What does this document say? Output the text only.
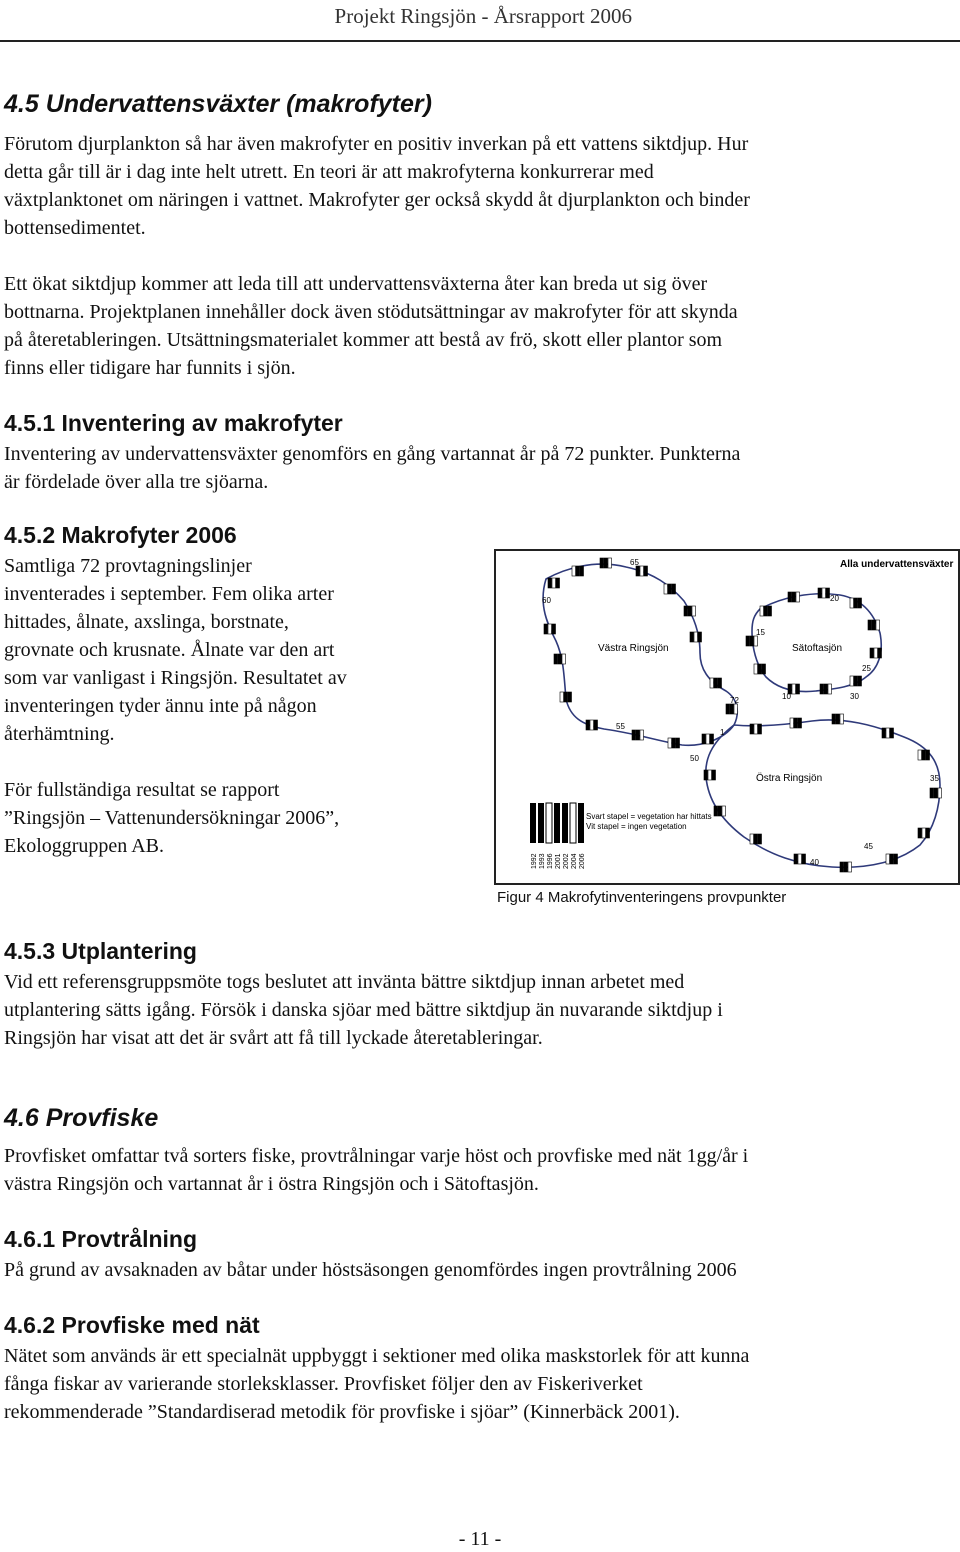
Projekt Ringsjön - Årsrapport 2006
4.5 Undervattensväxter (makrofyter)
Förutom djurplankton så har även makrofyter en positiv inverkan på ett vattens siktdjup. Hur
detta går till är i dag inte helt utrett. En teori är att makrofyterna konkurrerar med
växtplanktonet om näringen i vattnet. Makrofyter ger också skydd åt djurplankton och binder
bottensedimentet.
Ett ökat siktdjup kommer att leda till att undervattensväxterna åter kan breda ut sig över
bottnarna. Projektplanen innehåller dock även stödutsättningar av makrofyter för att skynda
på återetableringen. Utsättningsmaterialet kommer att bestå av frö, skott eller plantor som
finns eller tidigare har funnits i sjön.
4.5.1 Inventering av makrofyter
Inventering av undervattensväxter genomförs en gång vartannat år på 72 punkter. Punkterna
är fördelade över alla tre sjöarna.
4.5.2 Makrofyter 2006
Samtliga 72 provtagningslinjer
inventerades i september. Fem olika arter
hittades, ålnate, axslinga, borstnate,
grovnate och krusnate. Ålnate var den art
som var vanligast i Ringsjön. Resultatet av
inventeringen tyder ännu inte på någon
återhämtning.
För fullständiga resultat se rapport
”Ringsjön – Vattenundersökningar 2006”,
Ekologgruppen AB.
Alla undervattensväxter
Västra Ringsjön	Sätoftasjön
Östra Ringsjön
65
60
55
72
1
50
20
15
25
30
10
35
45
40
1992 1993 1996 2001 2002 2004 2006
Svart stapel = vegetation har hittats
Vit stapel = ingen vegetation
Figur 4 Makrofytinventeringens provpunkter
4.5.3 Utplantering
Vid ett referensgruppsmöte togs beslutet att invänta bättre siktdjup innan arbetet med
utplantering sätts igång. Försök i danska sjöar med bättre siktdjup än nuvarande siktdjup i
Ringsjön har visat att det är svårt att få till lyckade återetableringar.
4.6 Provfiske
Provfisket omfattar två sorters fiske, provtrålningar varje höst och provfiske med nät 1gg/år i
västra Ringsjön och vartannat år i östra Ringsjön och i Sätoftasjön.
4.6.1 Provtrålning
På grund av avsaknaden av båtar under höstsäsongen genomfördes ingen provtrålning 2006
4.6.2 Provfiske med nät
Nätet som används är ett specialnät uppbyggt i sektioner med olika maskstorlek för att kunna
fånga fiskar av varierande storleksklasser. Provfisket följer den av Fiskeriverket
rekommenderade ”Standardiserad metodik för provfiske i sjöar” (Kinnerbäck 2001).
- 11 -
